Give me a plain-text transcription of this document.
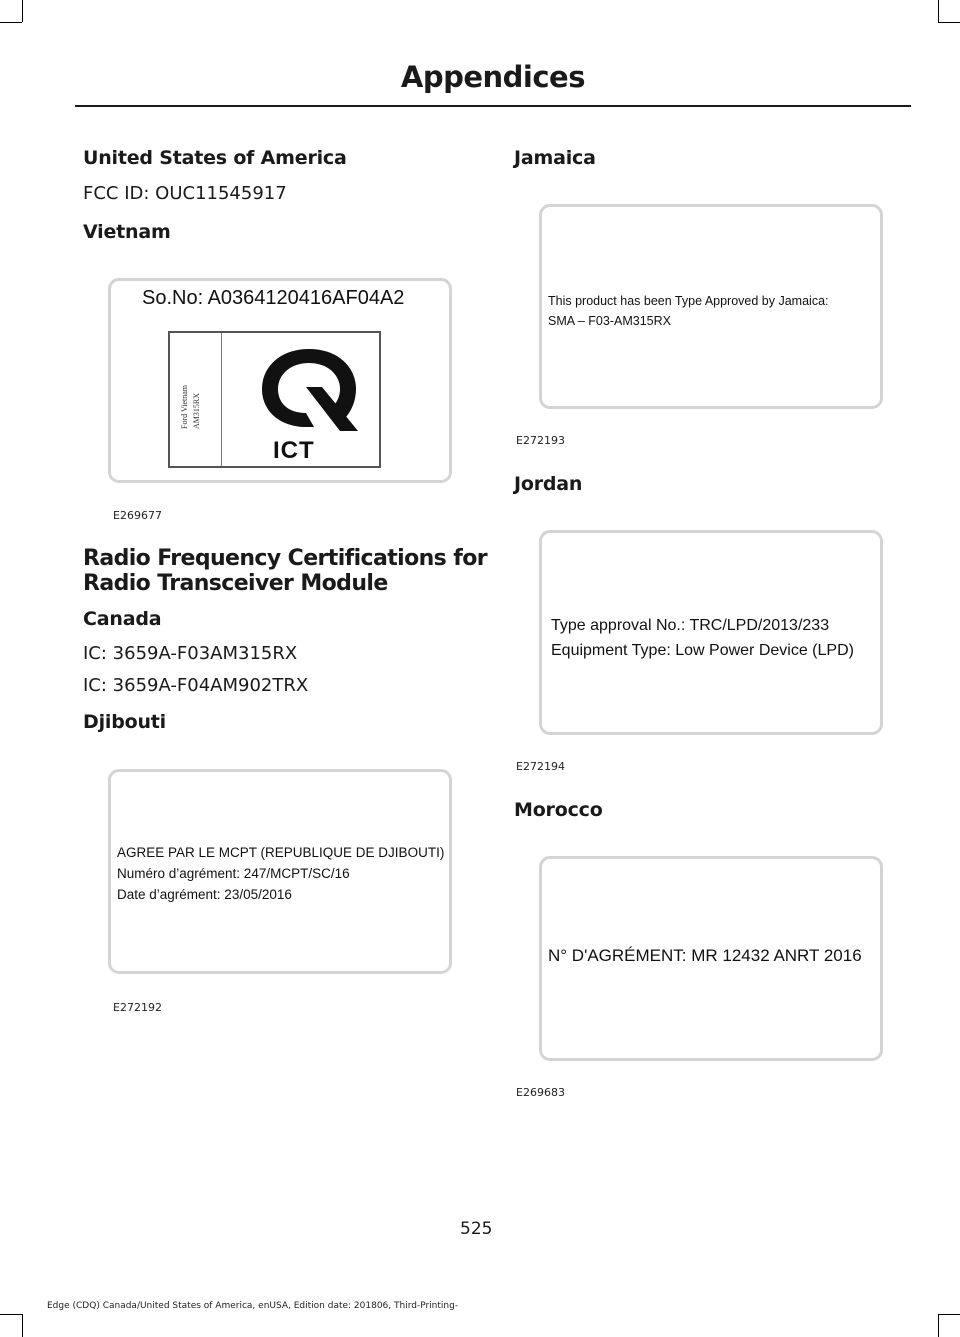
Appendices
United States of America
FCC ID: OUC11545917
Vietnam
So.No: A0364120416AF04A2
Ford Vietnam AM315RX
ICT
E269677
Radio Frequency Certifications for
Radio Transceiver Module
Canada
IC: 3659A-F03AM315RX
IC: 3659A-F04AM902TRX
Djibouti
AGREE PAR LE MCPT (REPUBLIQUE DE DJIBOUTI)
Numéro d’agrément: 247/MCPT/SC/16
Date d’agrément: 23/05/2016
E272192
Jamaica
This product has been Type Approved by Jamaica:
SMA – F03-AM315RX
E272193
Jordan
Type approval No.: TRC/LPD/2013/233
Equipment Type: Low Power Device (LPD)
E272194
Morocco
N° D'AGRÉMENT: MR 12432 ANRT 2016
E269683
525
Edge (CDQ) Canada/United States of America, enUSA, Edition date: 201806, Third-Printing-
